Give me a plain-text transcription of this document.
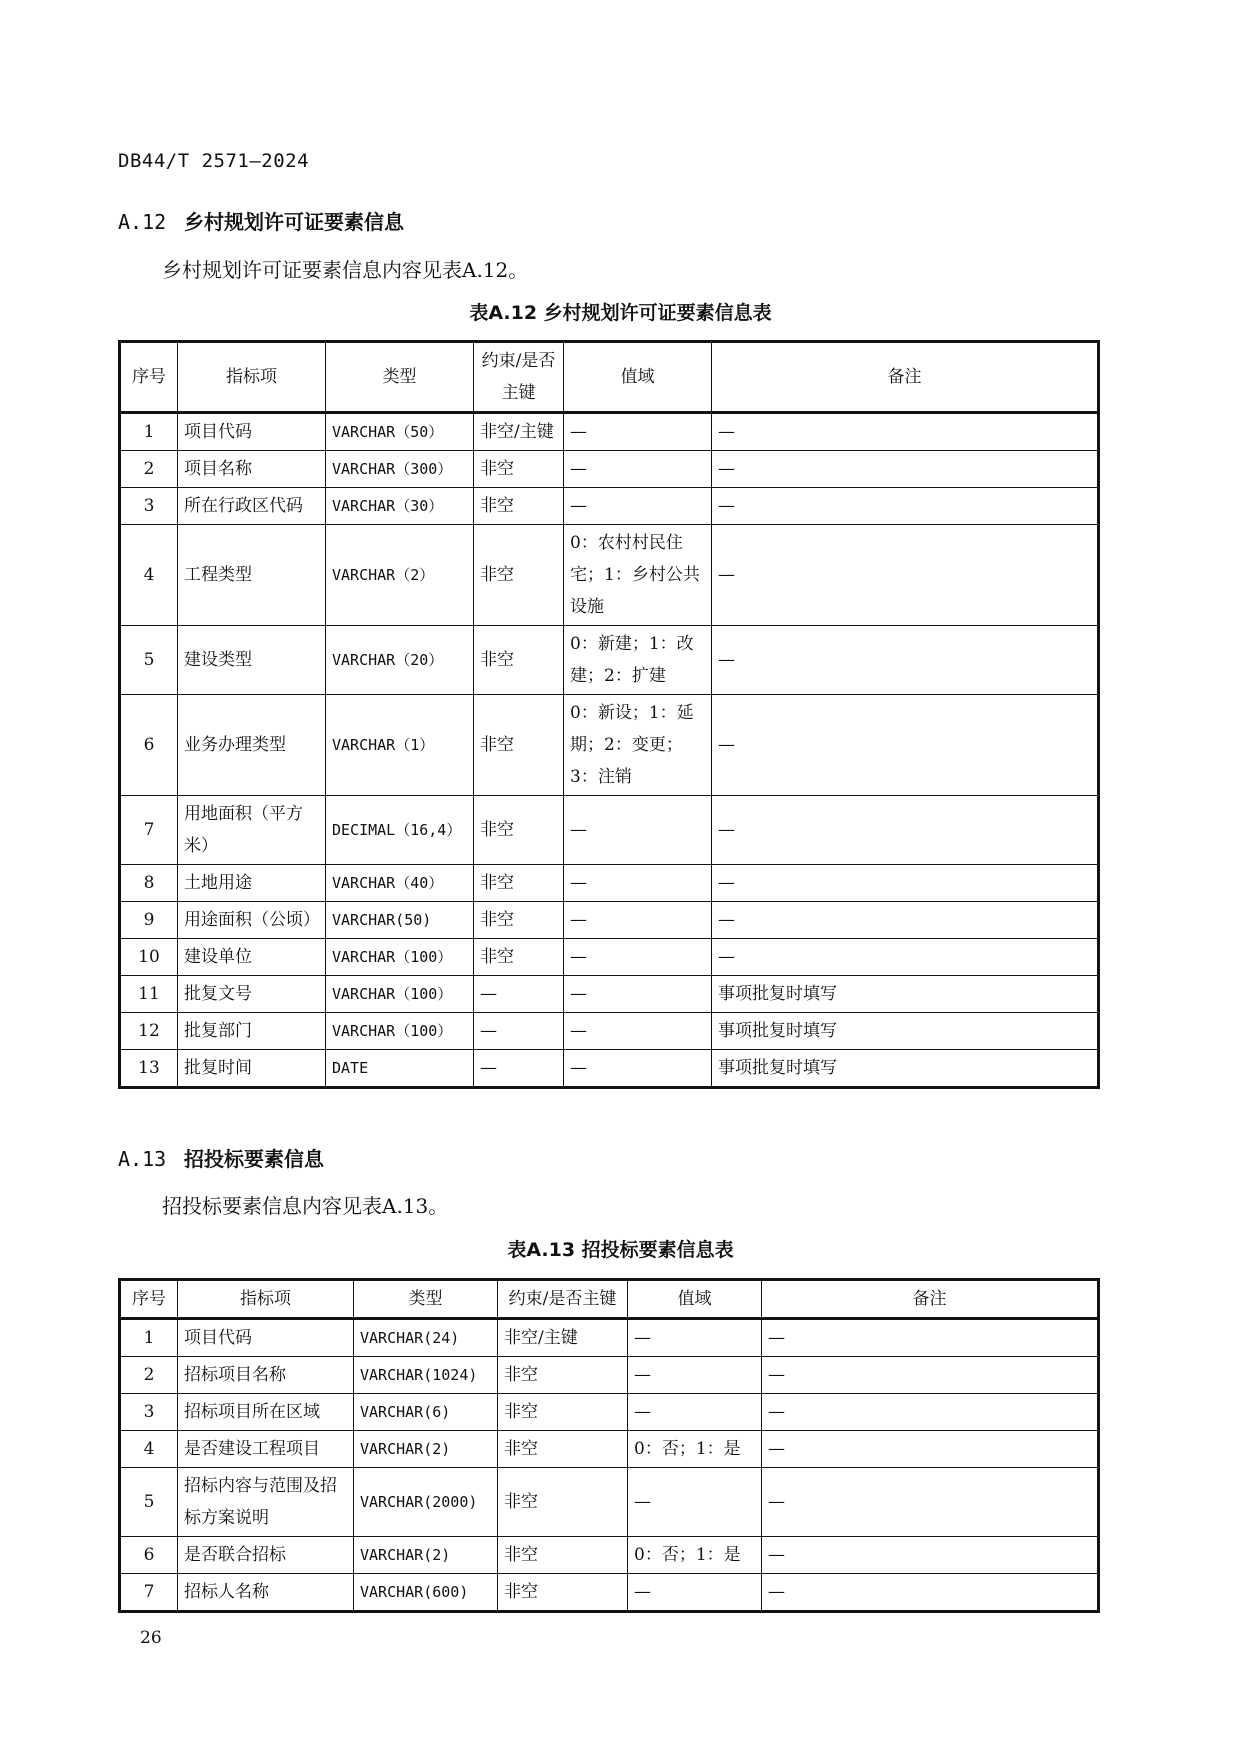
DB44/T 2571—2024
A.12 乡村规划许可证要素信息
乡村规划许可证要素信息内容见表A.12。
表A.12 乡村规划许可证要素信息表
序号	指标项	类型	约束/是否主键	值域	备注
1	项目代码	VARCHAR（50）	非空/主键	—	—
2	项目名称	VARCHAR（300）	非空	—	—
3	所在行政区代码	VARCHAR（30）	非空	—	—
4	工程类型	VARCHAR（2）	非空	0：农村村民住宅；1：乡村公共设施	—
5	建设类型	VARCHAR（20）	非空	0：新建；1：改建；2：扩建	—
6	业务办理类型	VARCHAR（1）	非空	0：新设；1：延期；2：变更；3：注销	—
7	用地面积（平方米）	DECIMAL（16,4）	非空	—	—
8	土地用途	VARCHAR（40）	非空	—	—
9	用途面积（公顷）	VARCHAR(50)	非空	—	—
10	建设单位	VARCHAR（100）	非空	—	—
11	批复文号	VARCHAR（100）	—	—	事项批复时填写
12	批复部门	VARCHAR（100）	—	—	事项批复时填写
13	批复时间	DATE	—	—	事项批复时填写
A.13 招投标要素信息
招投标要素信息内容见表A.13。
表A.13 招投标要素信息表
序号	指标项	类型	约束/是否主键	值域	备注
1	项目代码	VARCHAR(24)	非空/主键	—	—
2	招标项目名称	VARCHAR(1024)	非空	—	—
3	招标项目所在区域	VARCHAR(6)	非空	—	—
4	是否建设工程项目	VARCHAR(2)	非空	0：否；1：是	—
5	招标内容与范围及招标方案说明	VARCHAR(2000)	非空	—	—
6	是否联合招标	VARCHAR(2)	非空	0：否；1：是	—
7	招标人名称	VARCHAR(600)	非空	—	—
26
